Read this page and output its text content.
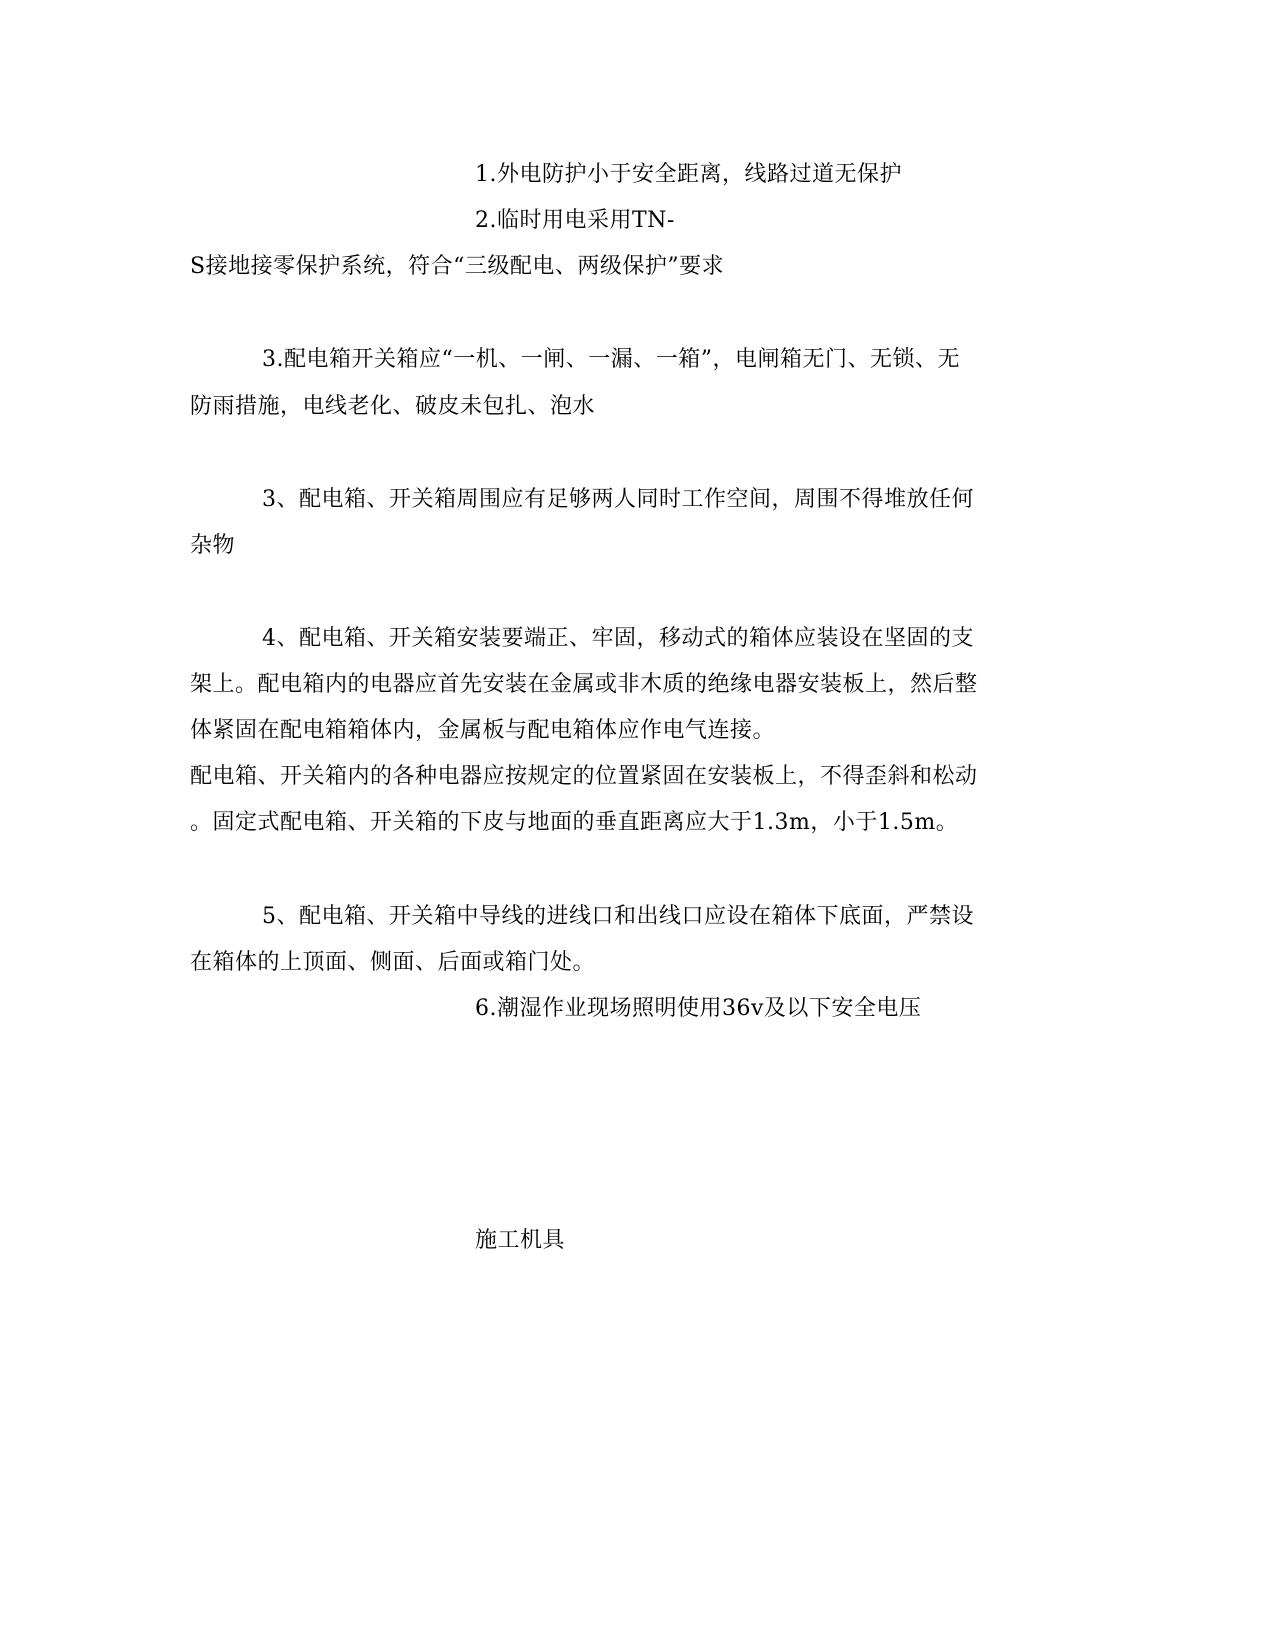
1.外电防护小于安全距离，线路过道无保护
2.临时用电采用TN-
S接地接零保护系统，符合“三级配电、两级保护”要求
3.配电箱开关箱应“一机、一闸、一漏、一箱”，电闸箱无门、无锁、无
防雨措施，电线老化、破皮未包扎、泡水
3、配电箱、开关箱周围应有足够两人同时工作空间，周围不得堆放任何
杂物
4、配电箱、开关箱安装要端正、牢固，移动式的箱体应装设在坚固的支
架上。配电箱内的电器应首先安装在金属或非木质的绝缘电器安装板上，然后整
体紧固在配电箱箱体内，金属板与配电箱体应作电气连接。
配电箱、开关箱内的各种电器应按规定的位置紧固在安装板上，不得歪斜和松动
。固定式配电箱、开关箱的下皮与地面的垂直距离应大于1.3m，小于1.5m。
5、配电箱、开关箱中导线的进线口和出线口应设在箱体下底面，严禁设
在箱体的上顶面、侧面、后面或箱门处。
6.潮湿作业现场照明使用36v及以下安全电压
施工机具
